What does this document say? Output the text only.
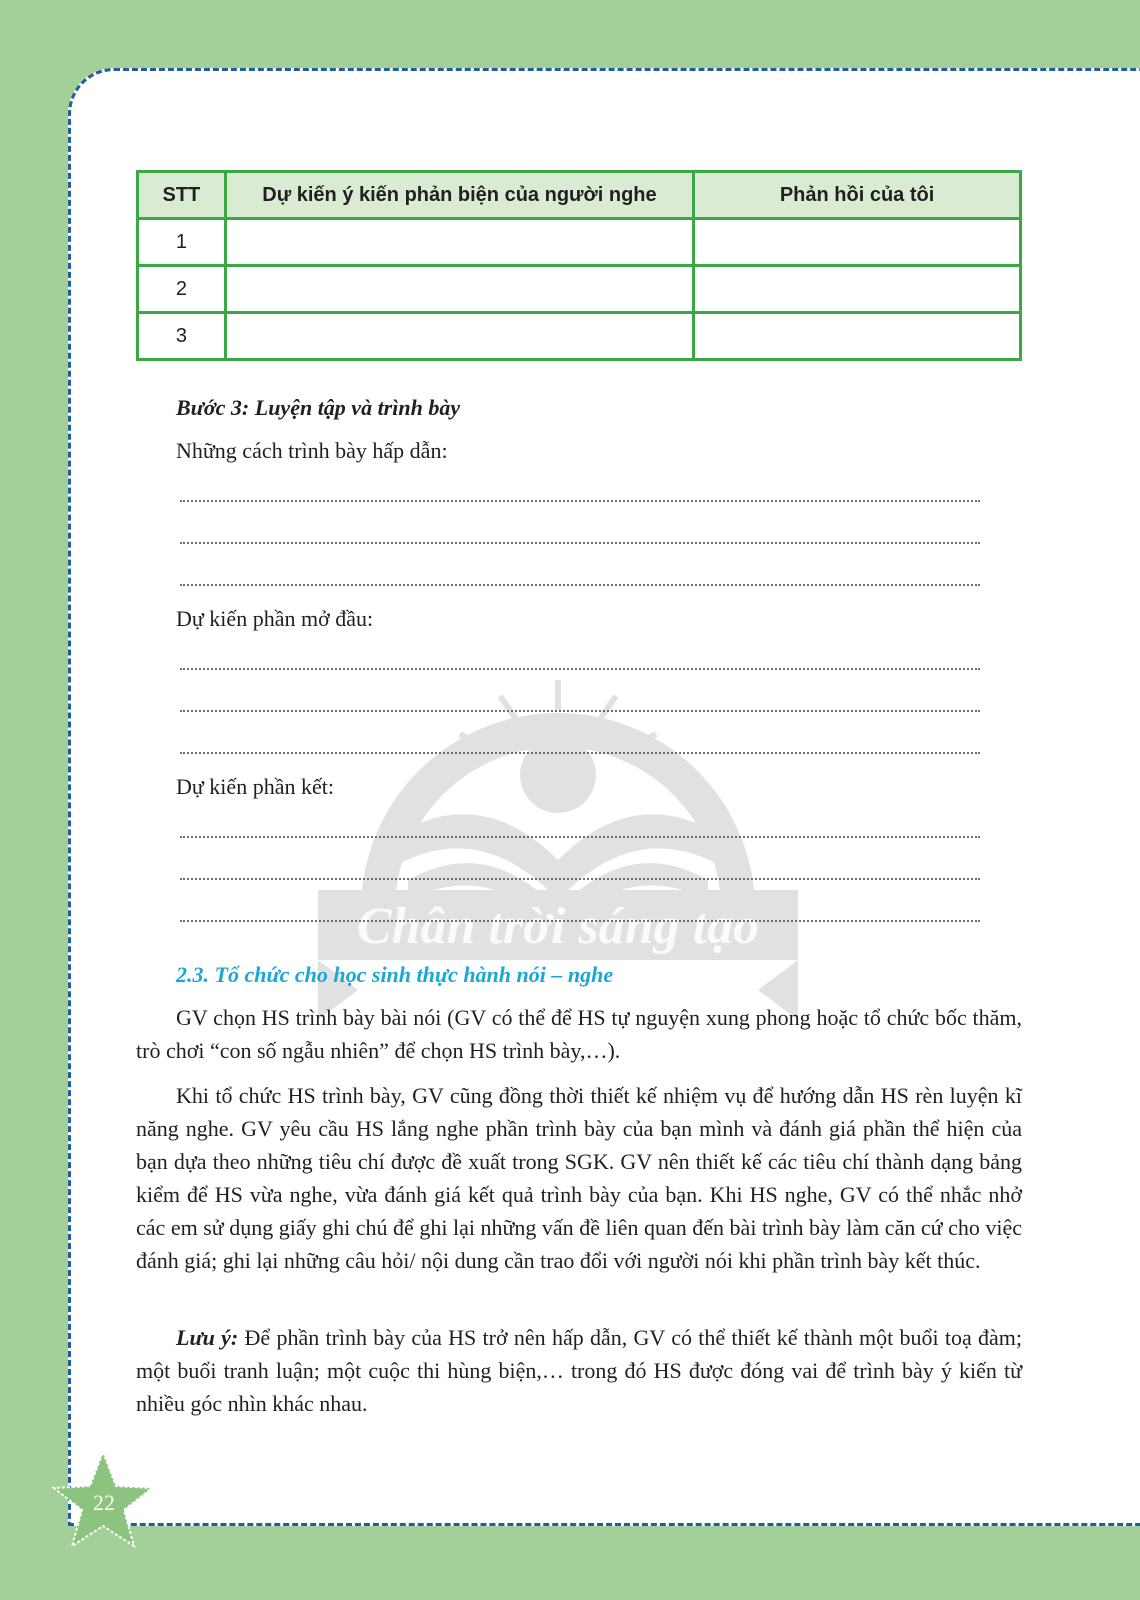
Chân trời sáng tạo
STT	Dự kiến ý kiến phản biện của người nghe	Phản hồi của tôi
1		
2		
3		
Bước 3: Luyện tập và trình bày
Những cách trình bày hấp dẫn:
Dự kiến phần mở đầu:
Dự kiến phần kết:
2.3. Tổ chức cho học sinh thực hành nói – nghe

GV chọn HS trình bày bài nói (GV có thể để HS tự nguyện xung phong hoặc tổ chức bốc thăm, trò chơi “con số ngẫu nhiên” để chọn HS trình bày,…).

Khi tổ chức HS trình bày, GV cũng đồng thời thiết kế nhiệm vụ để hướng dẫn HS rèn luyện kĩ năng nghe. GV yêu cầu HS lắng nghe phần trình bày của bạn mình và đánh giá phần thể hiện của bạn dựa theo những tiêu chí được đề xuất trong SGK. GV nên thiết kế các tiêu chí thành dạng bảng kiểm để HS vừa nghe, vừa đánh giá kết quả trình bày của bạn. Khi HS nghe, GV có thể nhắc nhở các em sử dụng giấy ghi chú để ghi lại những vấn đề liên quan đến bài trình bày làm căn cứ cho việc đánh giá; ghi lại những câu hỏi/ nội dung cần trao đổi với người nói khi phần trình bày kết thúc.

Lưu ý: Để phần trình bày của HS trở nên hấp dẫn, GV có thể thiết kế thành một buổi toạ đàm; một buổi tranh luận; một cuộc thi hùng biện,… trong đó HS được đóng vai để trình bày ý kiến từ nhiều góc nhìn khác nhau.

22
